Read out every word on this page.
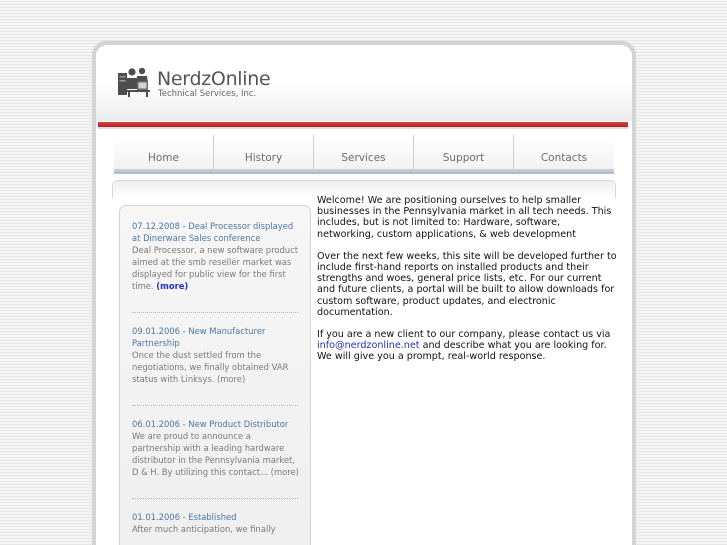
NerdzOnline
Technical Services, Inc.
Home	History	Services	Support	Contacts
07.12.2008 - Deal Processor displayed at Dinerware Sales conference
Deal Processor, a new software product aimed at the smb reseller market was displayed for public view for the first time. (more)
09.01.2006 - New Manufacturer Partnership
Once the dust settled from the negotiations, we finally obtained VAR status with Linksys. (more)
06.01.2006 - New Product Distributor
We are proud to announce a partnership with a leading hardware distributor in the Pennsylvania market, D & H. By utilizing this contact... (more)
01.01.2006 - Established
After much anticipation, we finally

Welcome! We are positioning ourselves to help smaller businesses in the Pennsylvania market in all tech needs. This includes, but is not limited to: Hardware, software, networking, custom applications, & web development

Over the next few weeks, this site will be developed further to include first-hand reports on installed products and their strengths and woes, general price lists, etc. For our current and future clients, a portal will be built to allow downloads for custom software, product updates, and electronic documentation.

If you are a new client to our company, please contact us via info@nerdzonline.net and describe what you are looking for. We will give you a prompt, real-world response.
